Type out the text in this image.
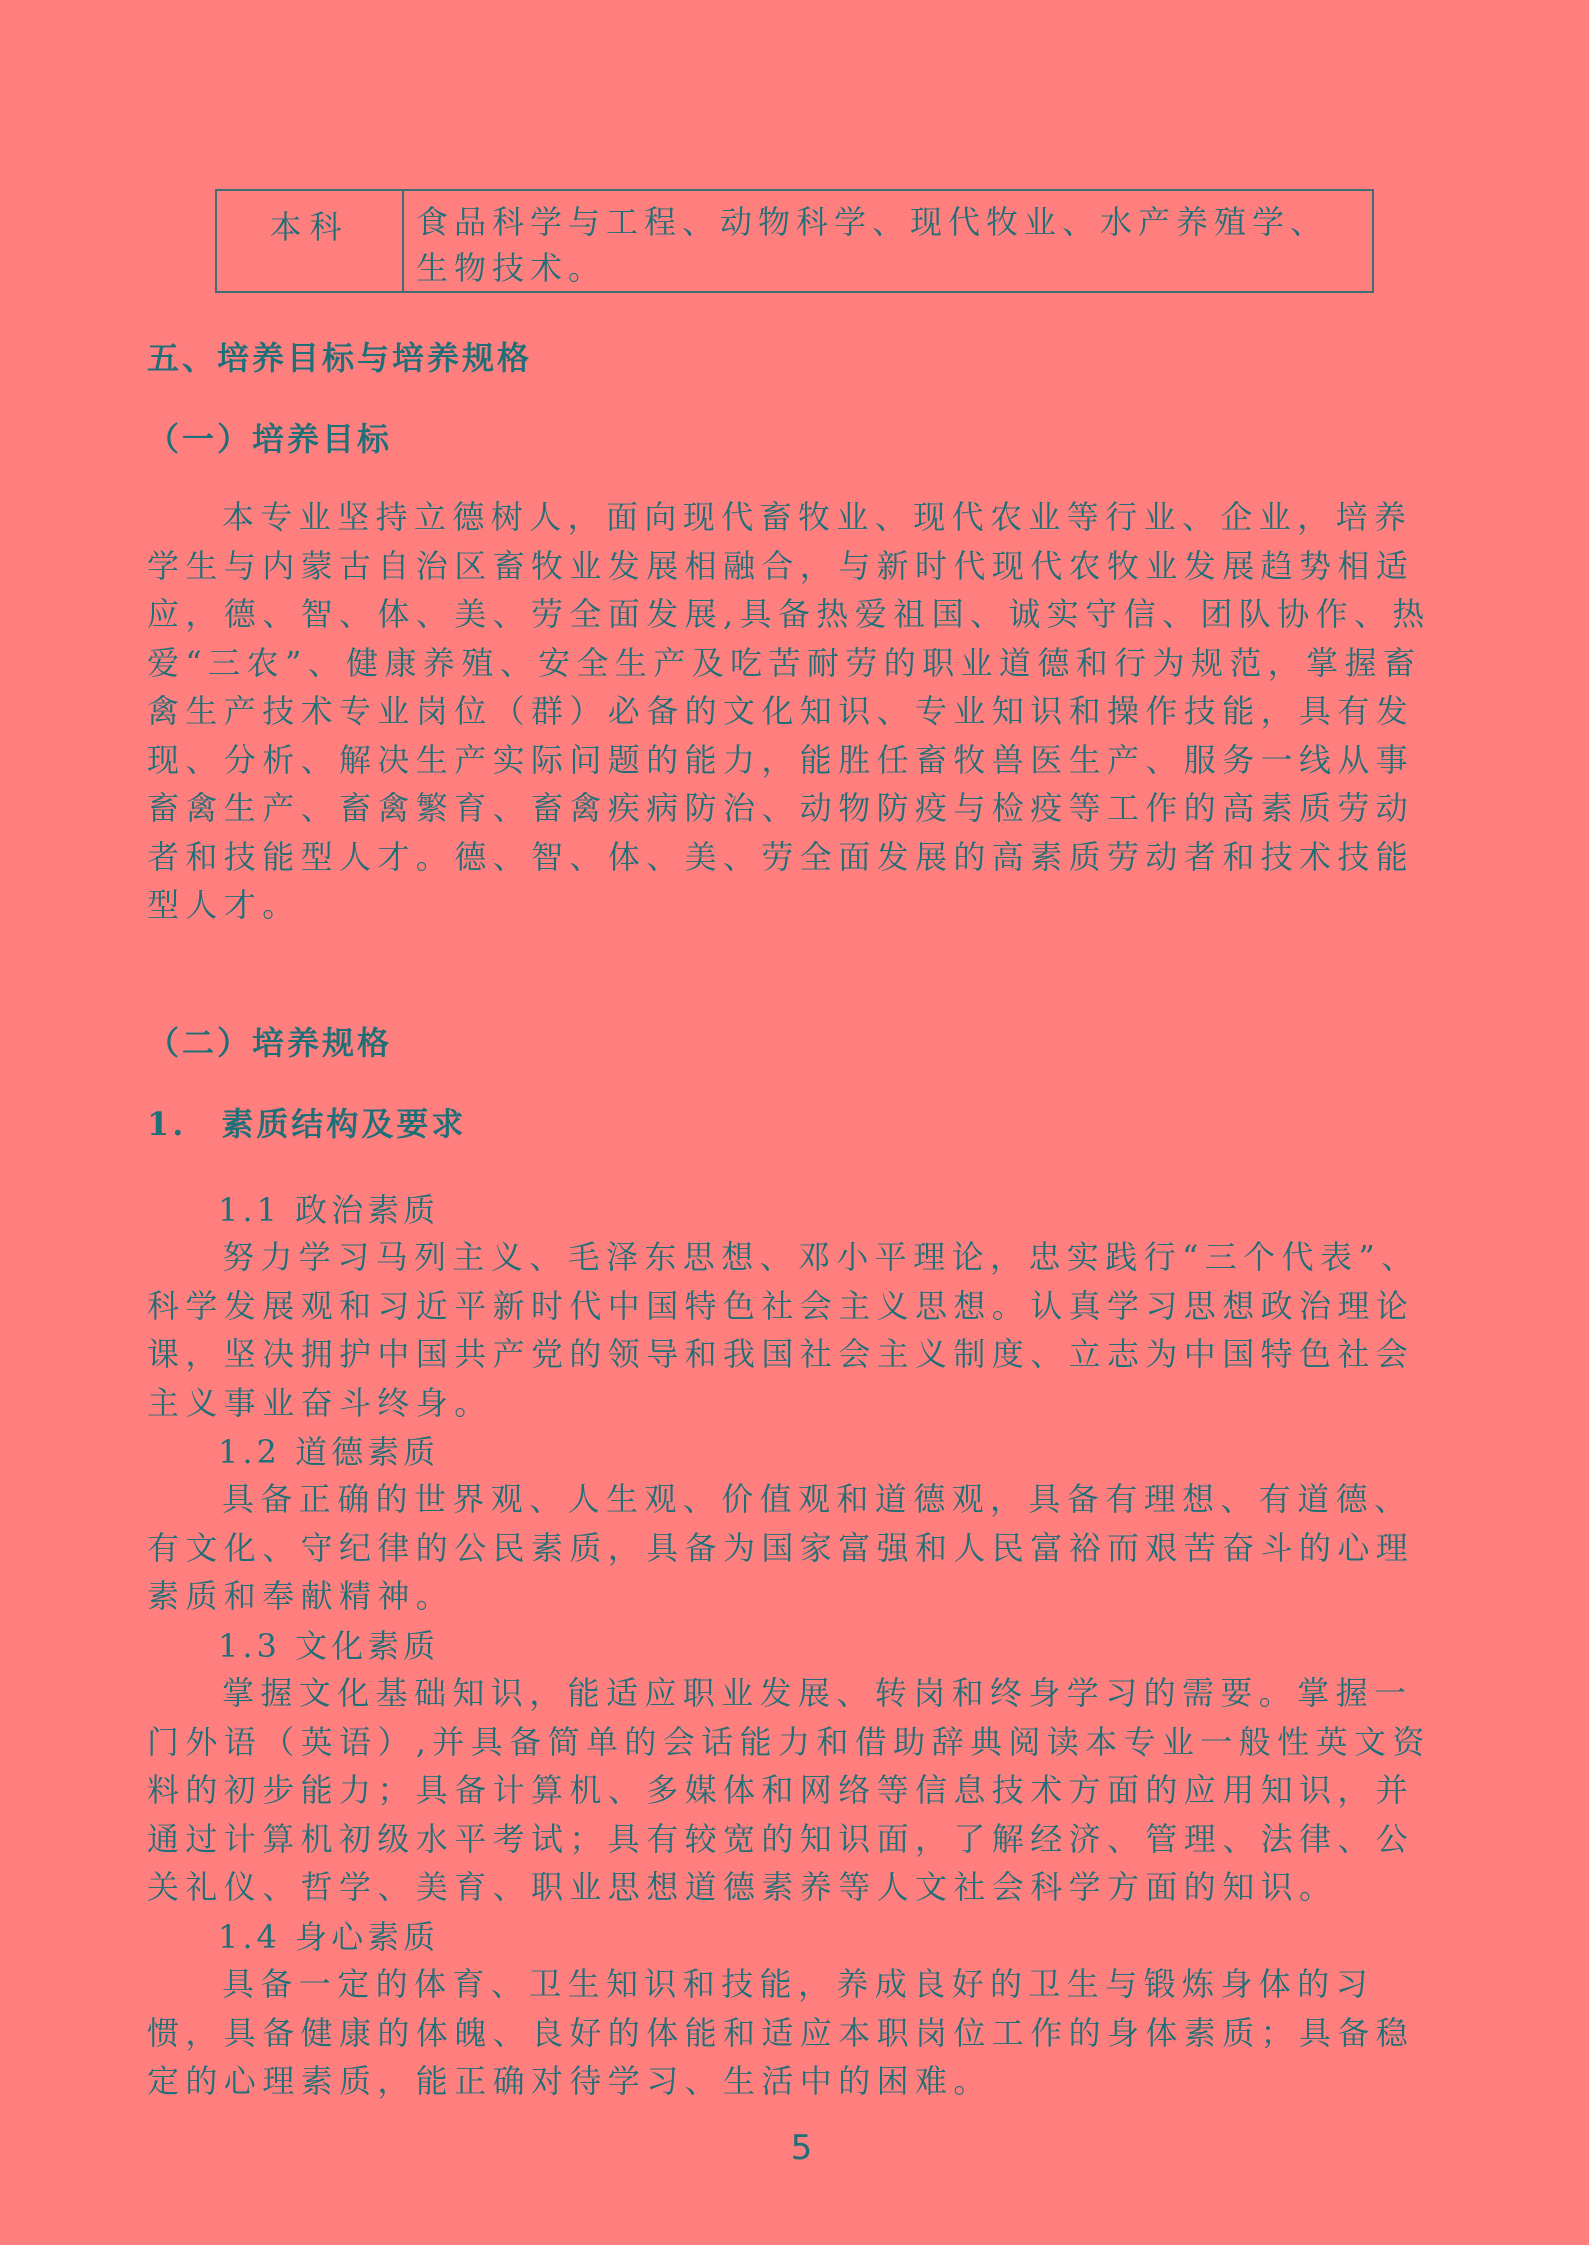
本科	食品科学与工程、动物科学、现代牧业、水产养殖学、生物技术。
五、培养目标与培养规格
（一）培养目标

本专业坚持立德树人，面向现代畜牧业、现代农业等行业、企业，培养学生与内蒙古自治区畜牧业发展相融合，与新时代现代农牧业发展趋势相适应，德、智、体、美、劳全面发展,具备热爱祖国、诚实守信、团队协作、热爱“三农”、健康养殖、安全生产及吃苦耐劳的职业道德和行为规范，掌握畜禽生产技术专业岗位（群）必备的文化知识、专业知识和操作技能，具有发现、分析、解决生产实际问题的能力，能胜任畜牧兽医生产、服务一线从事畜禽生产、畜禽繁育、畜禽疾病防治、动物防疫与检疫等工作的高素质劳动者和技能型人才。德、智、体、美、劳全面发展的高素质劳动者和技术技能型人才。

（二）培养规格
1.　素质结构及要求
1.1 政治素质

努力学习马列主义、毛泽东思想、邓小平理论，忠实践行“三个代表”、科学发展观和习近平新时代中国特色社会主义思想。认真学习思想政治理论课，坚决拥护中国共产党的领导和我国社会主义制度、立志为中国特色社会主义事业奋斗终身。

1.2 道德素质

具备正确的世界观、人生观、价值观和道德观，具备有理想、有道德、有文化、守纪律的公民素质，具备为国家富强和人民富裕而艰苦奋斗的心理素质和奉献精神。

1.3 文化素质

掌握文化基础知识，能适应职业发展、转岗和终身学习的需要。掌握一门外语（英语）,并具备简单的会话能力和借助辞典阅读本专业一般性英文资料的初步能力；具备计算机、多媒体和网络等信息技术方面的应用知识，并通过计算机初级水平考试；具有较宽的知识面，了解经济、管理、法律、公关礼仪、哲学、美育、职业思想道德素养等人文社会科学方面的知识。

1.4 身心素质

具备一定的体育、卫生知识和技能，养成良好的卫生与锻炼身体的习惯，具备健康的体魄、良好的体能和适应本职岗位工作的身体素质；具备稳定的心理素质，能正确对待学习、生活中的困难。

5
